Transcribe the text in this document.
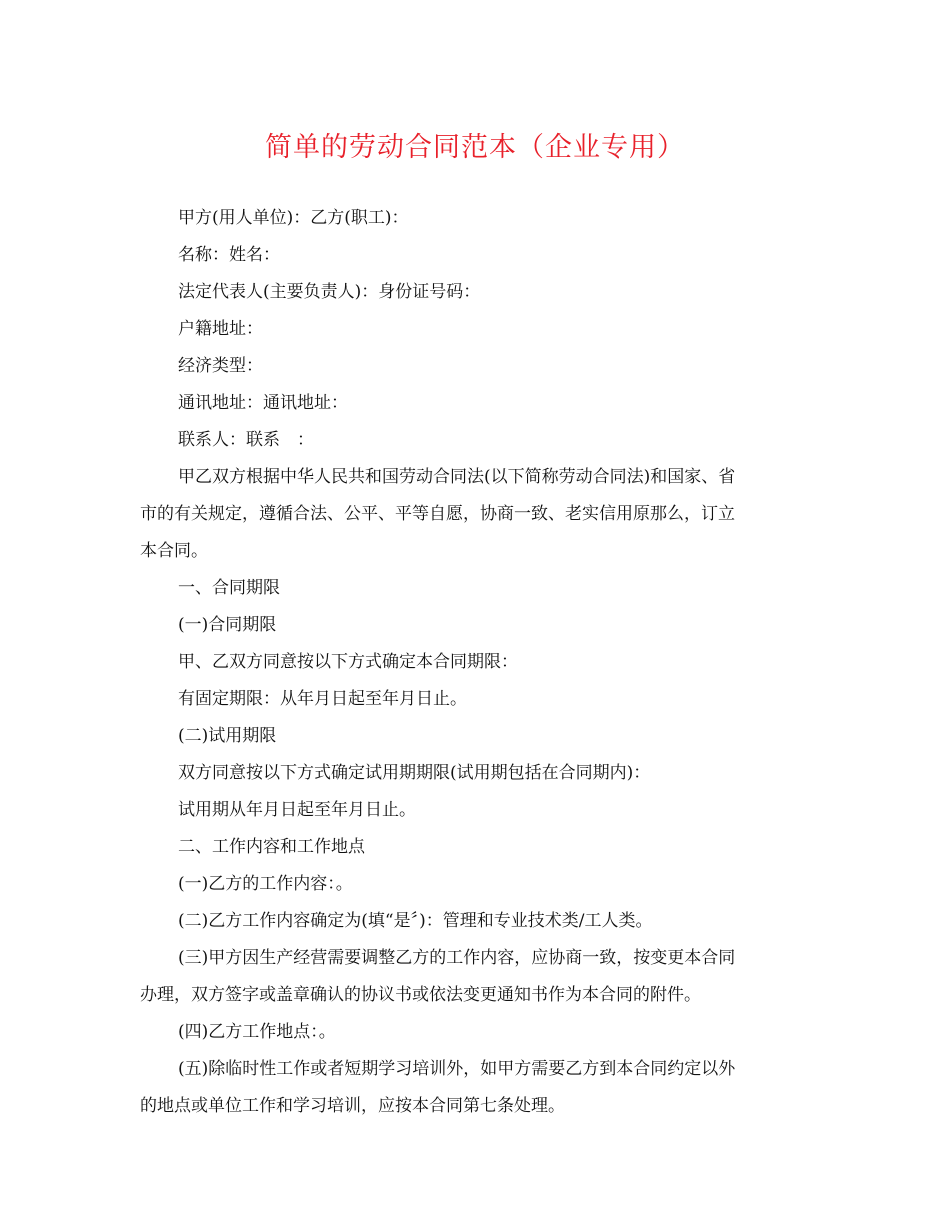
简单的劳动合同范本（企业专用）

甲方(用人单位)：乙方(职工)：

名称：姓名：

法定代表人(主要负责人)：身份证号码：

户籍地址：

经济类型：

通讯地址：通讯地址：

联系人：联系　：

甲乙双方根据中华人民共和国劳动合同法(以下简称劳动合同法)和国家、省

市的有关规定，遵循合法、公平、平等自愿，协商一致、老实信用原那么，订立

本合同。

一、合同期限

(一)合同期限

甲、乙双方同意按以下方式确定本合同期限：

有固定期限：从年月日起至年月日止。

(二)试用期限

双方同意按以下方式确定试用期期限(试用期包括在合同期内)：

试用期从年月日起至年月日止。

二、工作内容和工作地点

(一)乙方的工作内容：。

(二)乙方工作内容确定为(填“是〞)：管理和专业技术类/工人类。

(三)甲方因生产经营需要调整乙方的工作内容，应协商一致，按变更本合同

办理，双方签字或盖章确认的协议书或依法变更通知书作为本合同的附件。

(四)乙方工作地点：。

(五)除临时性工作或者短期学习培训外，如甲方需要乙方到本合同约定以外

的地点或单位工作和学习培训，应按本合同第七条处理。
